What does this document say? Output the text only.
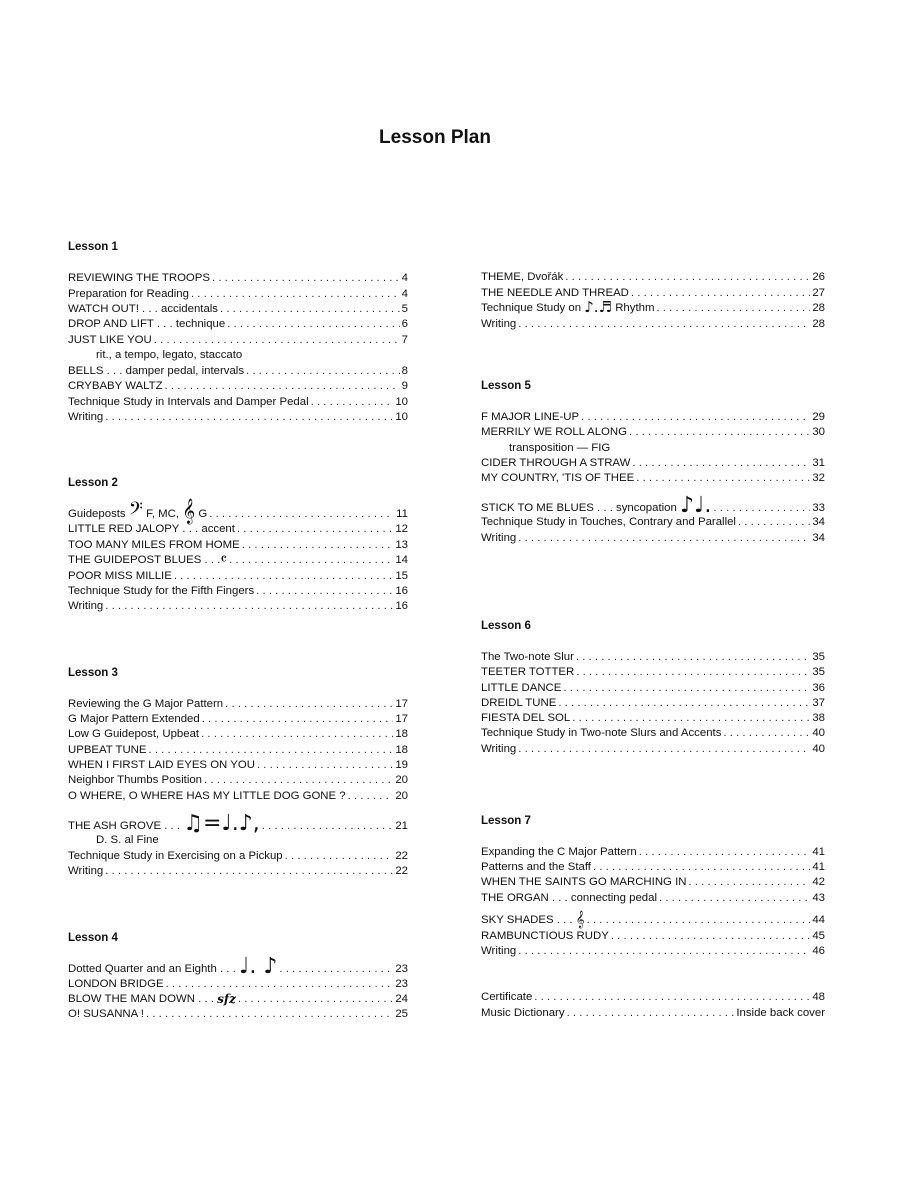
Lesson Plan
Lesson 1
REVIEWING THE TROOPS . . .	4
Preparation for Reading . . .	4
WATCH OUT! . . . accidentals . . .	5
DROP AND LIFT . . . technique . . .	6
JUST LIKE YOU . . .	7
rit., a tempo, legato, staccato
BELLS . . . damper pedal, intervals . . .	8
CRYBABY WALTZ . . .	9
Technique Study in Intervals and Damper Pedal . . .	10
Writing . . .	10
Lesson 2
Guideposts 𝄢 F, MC, 𝄞 G . . .	11
LITTLE RED JALOPY . . . accent . . .	12
TOO MANY MILES FROM HOME . . .	13
THE GUIDEPOST BLUES . . .𝄴 . . .	14
POOR MISS MILLIE . . .	15
Technique Study for the Fifth Fingers . . .	16
Writing . . .	16
Lesson 3
Reviewing the G Major Pattern . . .	17
G Major Pattern Extended . . .	17
Low G Guidepost, Upbeat . . .	18
UPBEAT TUNE . . .	18
WHEN I FIRST LAID EYES ON YOU . . .	19
Neighbor Thumbs Position . . .	20
O WHERE, O WHERE HAS MY LITTLE DOG GONE ? . . .	20
THE ASH GROVE . . . ♫=♩.♪, . . .	21
D. S. al Fine
Technique Study in Exercising on a Pickup . . .	22
Writing . . .	22
Lesson 4
Dotted Quarter and an Eighth . . . ♩. ♪ . . .	23
LONDON BRIDGE . . .	23
BLOW THE MAN DOWN . . . sfz . . .	24
O! SUSANNA ! . . .	25
THEME, Dvořák . . .	26
THE NEEDLE AND THREAD . . .	27
Technique Study on ♪.♬ Rhythm . . .	28
Writing . . .	28
Lesson 5
F MAJOR LINE-UP . . .	29
MERRILY WE ROLL ALONG . . .	30
transposition — FIG
CIDER THROUGH A STRAW . . .	31
MY COUNTRY, 'TIS OF THEE . . .	32
STICK TO ME BLUES . . . syncopation ♪♩. . . .	33
Technique Study in Touches, Contrary and Parallel . . .	34
Writing . . .	34
Lesson 6
The Two-note Slur . . .	35
TEETER TOTTER . . .	35
LITTLE DANCE . . .	36
DREIDL TUNE . . .	37
FIESTA DEL SOL . . .	38
Technique Study in Two-note Slurs and Accents . . .	40
Writing . . .	40
Lesson 7
Expanding the C Major Pattern . . .	41
Patterns and the Staff . . .	41
WHEN THE SAINTS GO MARCHING IN . . .	42
THE ORGAN . . . connecting pedal . . .	43
SKY SHADES . . . 𝄞 . . .	44
RAMBUNCTIOUS RUDY . . .	45
Writing . . .	46
Certificate . . .	48
Music Dictionary . . .	Inside back cover
